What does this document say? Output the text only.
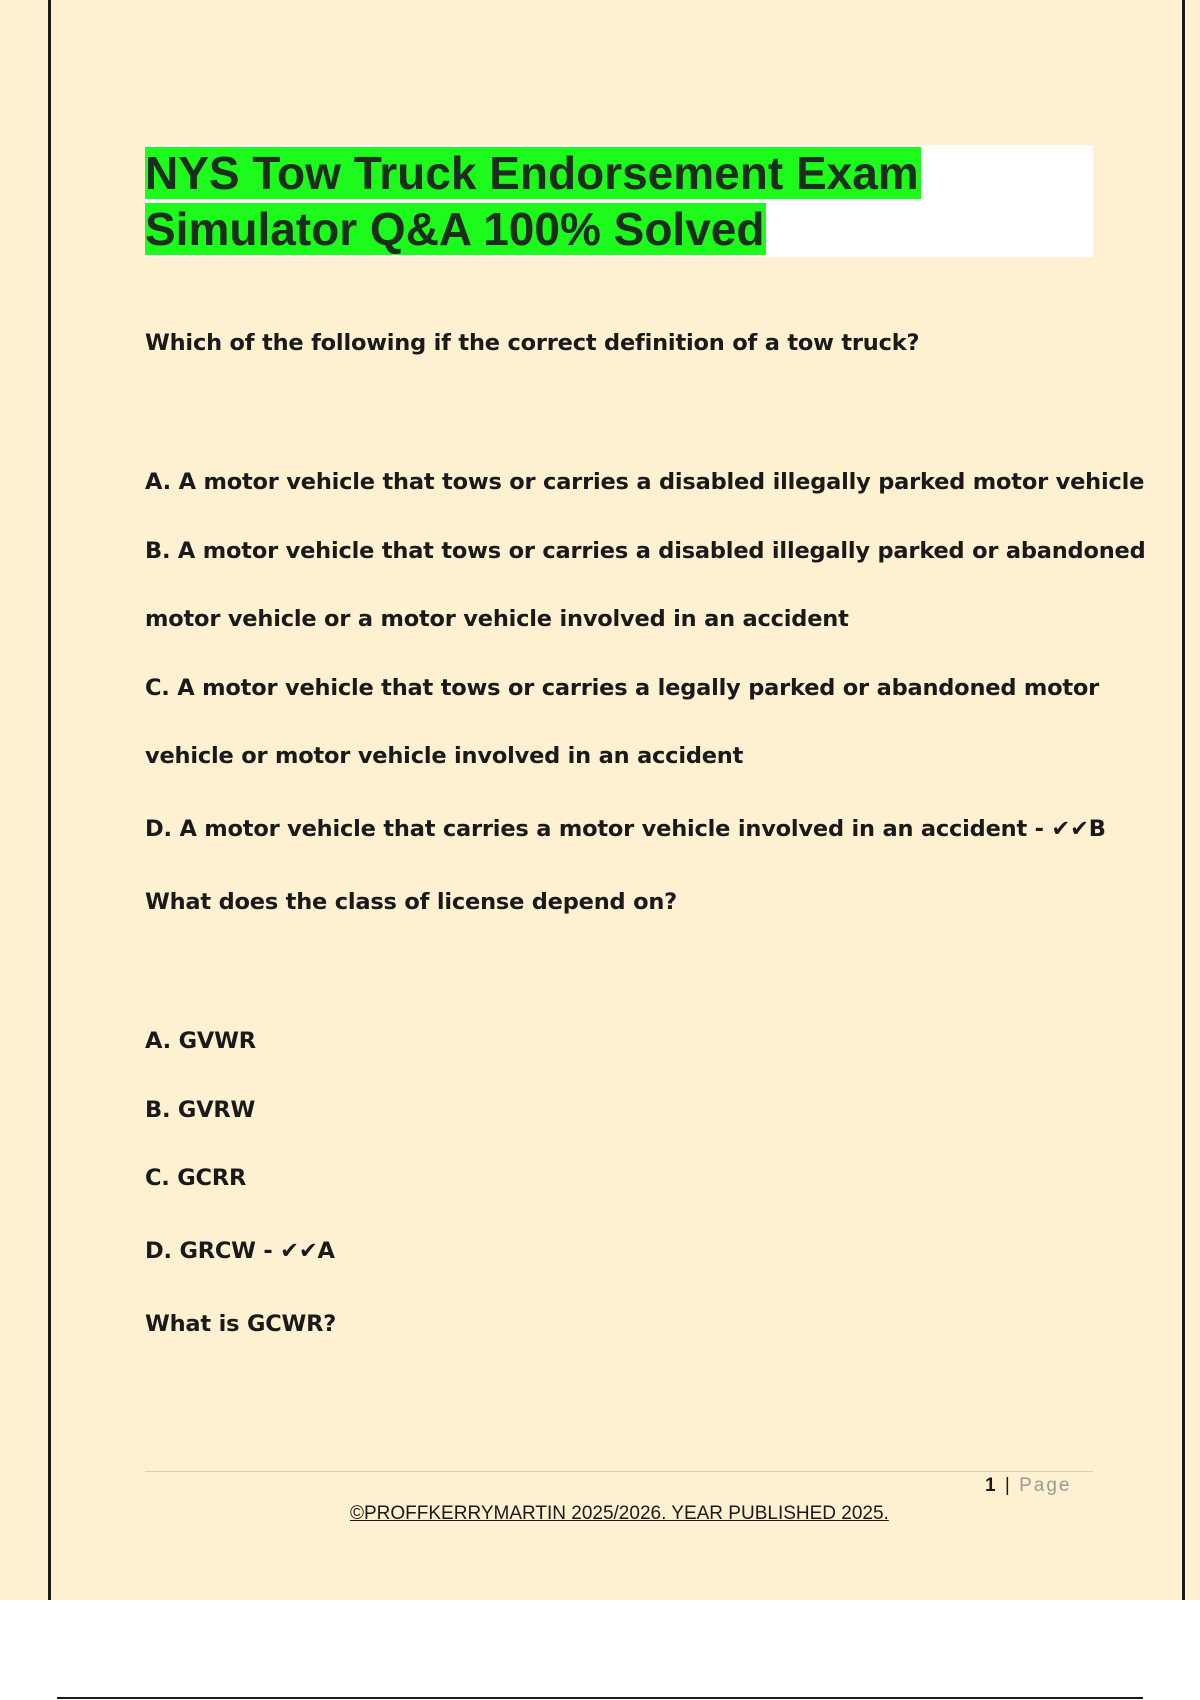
NYS Tow Truck Endorsement Exam
Simulator Q&A 100% Solved
Which of the following if the correct definition of a tow truck?
A. A motor vehicle that tows or carries a disabled illegally parked motor vehicle
B. A motor vehicle that tows or carries a disabled illegally parked or abandoned
motor vehicle or a motor vehicle involved in an accident
C. A motor vehicle that tows or carries a legally parked or abandoned motor
vehicle or motor vehicle involved in an accident
D. A motor vehicle that carries a motor vehicle involved in an accident - ✔✔B
What does the class of license depend on?
A. GVWR
B. GVRW
C. GCRR
D. GRCW - ✔✔A
What is GCWR?
1 | Page
©PROFFKERRYMARTIN 2025/2026. YEAR PUBLISHED 2025.
